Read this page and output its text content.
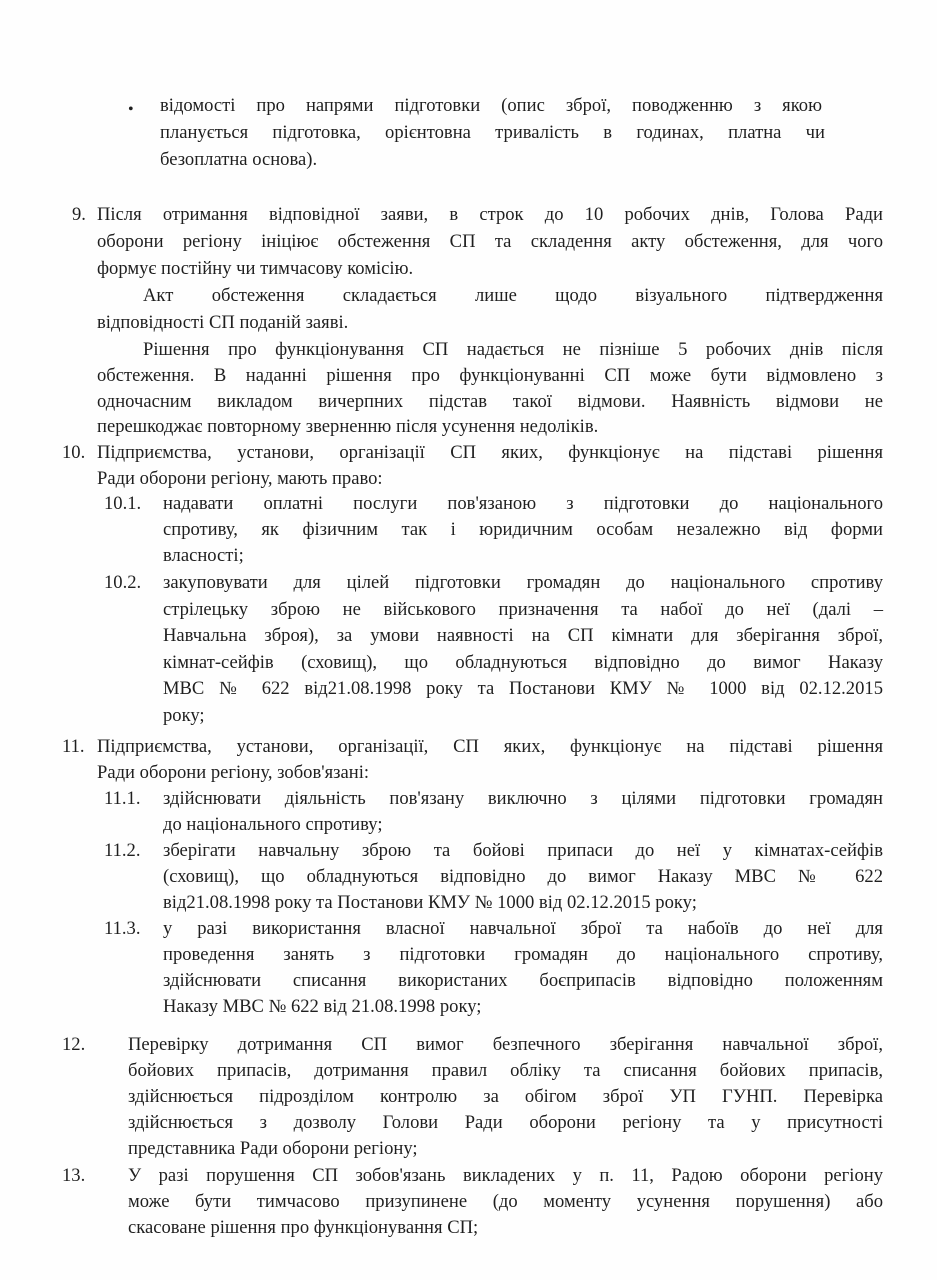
• відомості про напрями підготовки (опис зброї, поводженню з якою
планується підготовка, орієнтовна тривалість в годинах, платна чи
безоплатна основа).
9. Після отримання відповідної заяви, в строк до 10 робочих днів, Голова Ради
оборони регіону ініціює обстеження СП та складення акту обстеження, для чого
формує постійну чи тимчасову комісію.
Акт обстеження складається лише щодо візуального підтвердження
відповідності СП поданій заяві.
Рішення про функціонування СП надається не пізніше 5 робочих днів після
обстеження. В наданні рішення про функціонуванні СП може бути відмовлено з
одночасним викладом вичерпних підстав такої відмови. Наявність відмови не
перешкоджає повторному зверненню після усунення недоліків.
10. Підприємства, установи, організації СП яких, функціонує на підставі рішення
Ради оборони регіону, мають право:
10.1. надавати оплатні послуги пов'язаною з підготовки до національного
спротиву, як фізичним так і юридичним особам незалежно від форми
власності;
10.2. закуповувати для цілей підготовки громадян до національного спротиву
стрілецьку зброю не військового призначення та набої до неї (далі –
Навчальна зброя), за умови наявності на СП кімнати для зберігання зброї,
кімнат-сейфів (сховищ), що обладнуються відповідно до вимог Наказу
МВС № 622 від21.08.1998 року та Постанови КМУ № 1000 від 02.12.2015
року;
11. Підприємства, установи, організації, СП яких, функціонує на підставі рішення
Ради оборони регіону, зобов'язані:
11.1. здійснювати діяльність пов'язану виключно з цілями підготовки громадян
до національного спротиву;
11.2. зберігати навчальну зброю та бойові припаси до неї у кімнатах-сейфів
(сховищ), що обладнуються відповідно до вимог Наказу МВС № 622
від21.08.1998 року та Постанови КМУ № 1000 від 02.12.2015 року;
11.3. у разі використання власної навчальної зброї та набоїв до неї для
проведення занять з підготовки громадян до національного спротиву,
здійснювати списання використаних боєприпасів відповідно положенням
Наказу МВС № 622 від 21.08.1998 року;
12. Перевірку дотримання СП вимог безпечного зберігання навчальної зброї,
бойових припасів, дотримання правил обліку та списання бойових припасів,
здійснюється підрозділом контролю за обігом зброї УП ГУНП. Перевірка
здійснюється з дозволу Голови Ради оборони регіону та у присутності
представника Ради оборони регіону;
13. У разі порушення СП зобов'язань викладених у п. 11, Радою оборони регіону
може бути тимчасово призупинене (до моменту усунення порушення) або
скасоване рішення про функціонування СП;
